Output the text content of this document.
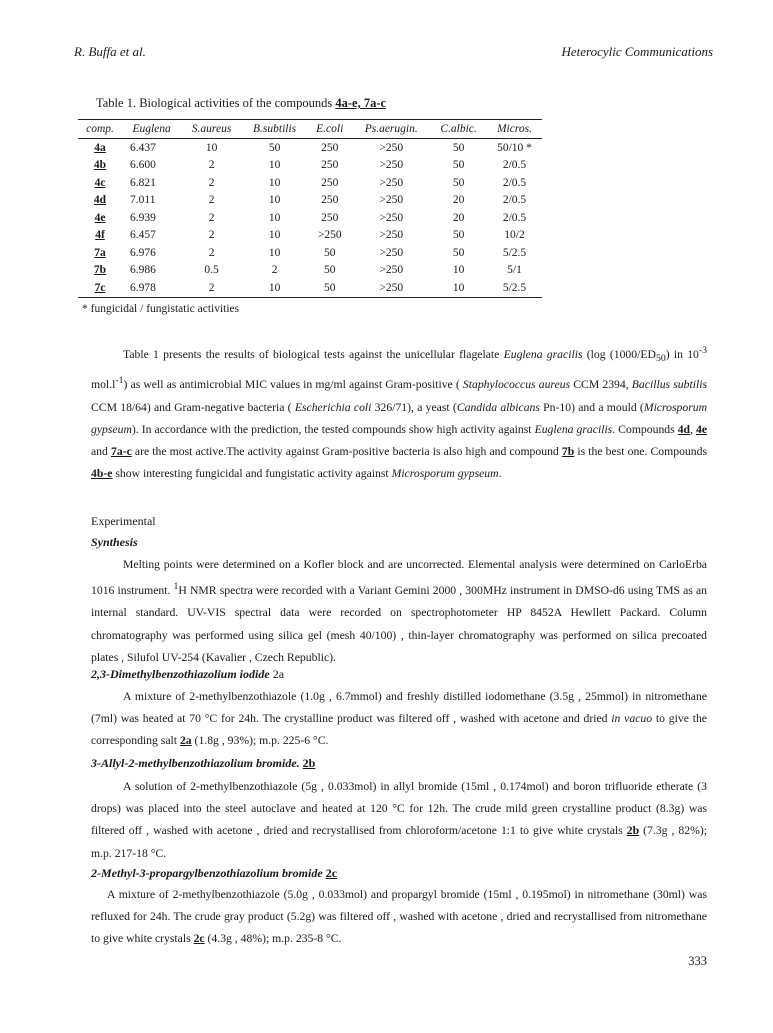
R. Buffa et al.	Heterocylic Communications
Table 1. Biological activities of the compounds 4a-e, 7a-c
comp.	Euglena	S.aureus	B.subtilis	E.coli	Ps.aerugin.	C.albic.	Micros.
4a	6.437	10	50	250	>250	50	50/10 *
4b	6.600	2	10	250	>250	50	2/0.5
4c	6.821	2	10	250	>250	50	2/0.5
4d	7.011	2	10	250	>250	20	2/0.5
4e	6.939	2	10	250	>250	20	2/0.5
4f	6.457	2	10	>250	>250	50	10/2
7a	6.976	2	10	50	>250	50	5/2.5
7b	6.986	0.5	2	50	>250	10	5/1
7c	6.978	2	10	50	>250	10	5/2.5
* fungicidal / fungistatic activities
Table 1 presents the results of biological tests against the unicellular flagelate Euglena gracilis (log $(1000/ED_{50})$ in $10^{-3}$ $mol.l^{-1}$) as well as antimicrobial MIC values in mg/ml against Gram-positive ( Staphylococcus aureus CCM 2394, Bacillus subtilis CCM 18/64) and Gram-negative bacteria ( Escherichia coli 326/71), a yeast (Candida albicans Pn-10) and a mould (Microsporum gypseum). In accordance with the prediction, the tested compounds show high activity against Euglena gracilis. Compounds 4d, 4e and 7a-c are the most active.The activity against Gram-positive bacteria is also high and compound 7b is the best one. Compounds 4b-e show interesting fungicidal and fungistatic activity against Microsporum gypseum.
Experimental
Synthesis
Melting points were determined on a Kofler block and are uncorrected. Elemental analysis were determined on CarloErba 1016 instrument. $^1$H NMR spectra were recorded with a Variant Gemini 2000 , 300MHz instrument in DMSO-d6 using TMS as an internal standard. UV-VIS spectral data were recorded on spectrophotometer HP 8452A Hewllett Packard. Column chromatography was performed using silica gel (mesh 40/100) , thin-layer chromatography was performed on silica precoated plates , Silufol UV-254 (Kavalier , Czech Republic).
2,3-Dimethylbenzothiazolium iodide 2a
A mixture of 2-methylbenzothiazole (1.0g , 6.7mmol) and freshly distilled iodomethane (3.5g , 25mmol) in nitromethane (7ml) was heated at 70 °C for 24h. The crystalline product was filtered off , washed with acetone and dried in vacuo to give the corresponding salt 2a (1.8g , 93%); m.p. 225-6 °C.
3-Allyl-2-methylbenzothiazolium bromide. 2b
A solution of 2-methylbenzothiazole (5g , 0.033mol) in allyl bromide (15ml , 0.174mol) and boron trifluoride etherate (3 drops) was placed into the steel autoclave and heated at 120 °C for 12h. The crude mild green crystalline product (8.3g) was filtered off , washed with acetone , dried and recrystallised from chloroform/acetone 1:1 to give white crystals 2b (7.3g , 82%); m.p. 217-18 °C.
2-Methyl-3-propargylbenzothiazolium bromide 2c
A mixture of 2-methylbenzothiazole (5.0g , 0.033mol) and propargyl bromide (15ml , 0.195mol) in nitromethane (30ml) was refluxed for 24h. The crude gray product (5.2g) was filtered off , washed with acetone , dried and recrystallised from nitromethane to give white crystals 2c (4.3g , 48%); m.p. 235-8 °C.
333
